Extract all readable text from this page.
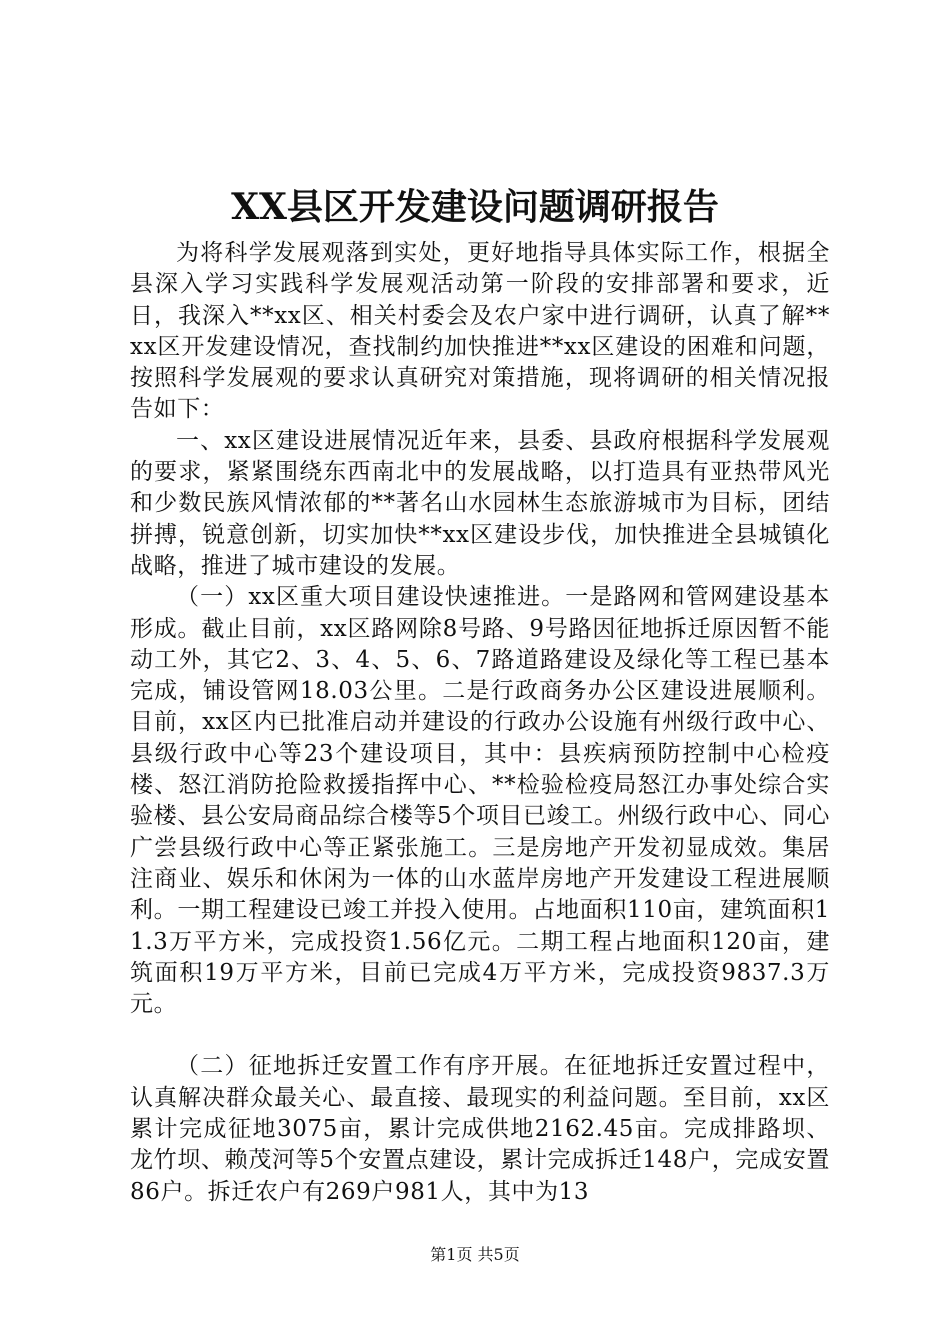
XX县区开发建设问题调研报告

为将科学发展观落到实处，更好地指导具体实际工作，根据全县深入学习实践科学发展观活动第一阶段的安排部署和要求，近日，我深入**xx区、相关村委会及农户家中进行调研，认真了解**xx区开发建设情况，查找制约加快推进**xx区建设的困难和问题，按照科学发展观的要求认真研究对策措施，现将调研的相关情况报告如下：

一、xx区建设进展情况近年来，县委、县政府根据科学发展观的要求，紧紧围绕东西南北中的发展战略，以打造具有亚热带风光和少数民族风情浓郁的**著名山水园林生态旅游城市为目标，团结拼搏，锐意创新，切实加快**xx区建设步伐，加快推进全县城镇化战略，推进了城市建设的发展。

（一）xx区重大项目建设快速推进。一是路网和管网建设基本形成。截止目前，xx区路网除8号路、9号路因征地拆迁原因暂不能动工外，其它2、3、4、5、6、7路道路建设及绿化等工程已基本完成，铺设管网18.03公里。二是行政商务办公区建设进展顺利。目前，xx区内已批准启动并建设的行政办公设施有州级行政中心、县级行政中心等23个建设项目，其中：县疾病预防控制中心检疫楼、怒江消防抢险救援指挥中心、**检验检疫局怒江办事处综合实验楼、县公安局商品综合楼等5个项目已竣工。州级行政中心、同心广尝县级行政中心等正紧张施工。三是房地产开发初显成效。集居注商业、娱乐和休闲为一体的山水蓝岸房地产开发建设工程进展顺利。一期工程建设已竣工并投入使用。占地面积110亩，建筑面积11.3万平方米，完成投资1.56亿元。二期工程占地面积120亩，建筑面积19万平方米，目前已完成4万平方米，完成投资9837.3万元。

（二）征地拆迁安置工作有序开展。在征地拆迁安置过程中，认真解决群众最关心、最直接、最现实的利益问题。至目前，xx区累计完成征地3075亩，累计完成供地2162.45亩。完成排路坝、龙竹坝、赖茂河等5个安置点建设，累计完成拆迁148户，完成安置86户。拆迁农户有269户981人，其中为13

第1页 共5页
